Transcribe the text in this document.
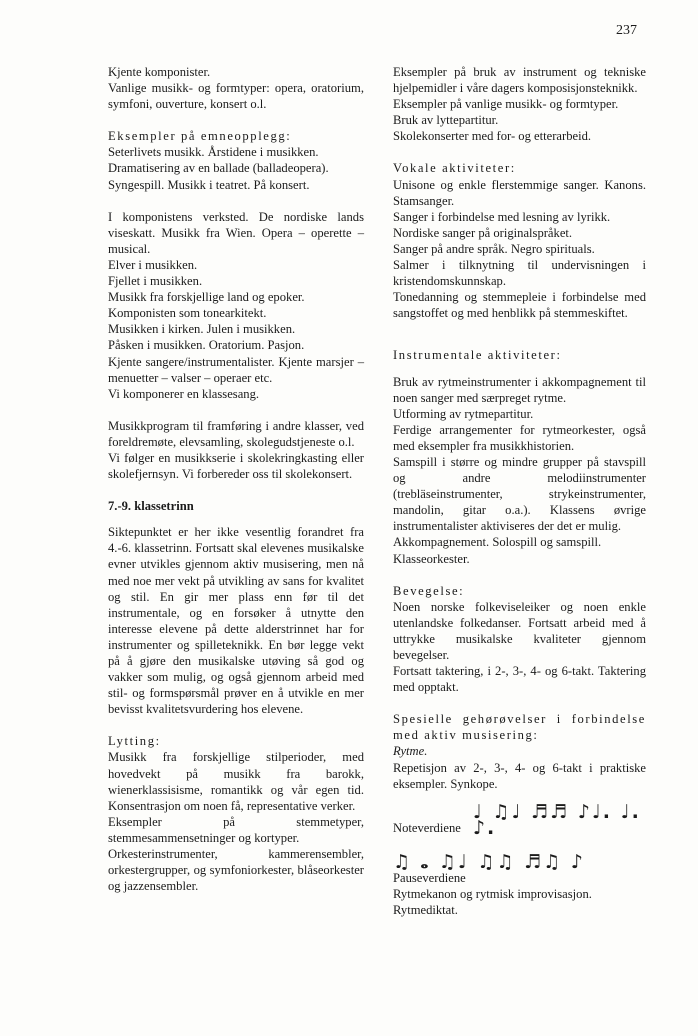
237

Kjente komponister.

Vanlige musikk- og formtyper: opera, oratorium, symfoni, ouverture, konsert o.l.

Eksempler på emneopplegg:

Seterlivets musikk. Årstidene i musikken.

Dramatisering av en ballade (balladeopera).

Syngespill. Musikk i teatret. På konsert.

I komponistens verksted. De nordiske lands viseskatt. Musikk fra Wien. Opera – operette – musical.

Elver i musikken.

Fjellet i musikken.

Musikk fra forskjellige land og epoker.

Komponisten som tonearkitekt.

Musikken i kirken. Julen i musikken.

Påsken i musikken. Oratorium. Pasjon.

Kjente sangere/instrumentalister. Kjente marsjer – menuetter – valser – operaer etc.

Vi komponerer en klassesang.

Musikkprogram til framføring i andre klasser, ved foreldremøte, elevsamling, skolegudstjeneste o.l.

Vi følger en musikkserie i skolekringkasting eller skolefjernsyn. Vi forbereder oss til skolekonsert.

7.-9. klassetrinn

Siktepunktet er her ikke vesentlig forandret fra 4.-6. klassetrinn. Fortsatt skal elevenes musikalske evner utvikles gjennom aktiv musisering, men nå med noe mer vekt på utvikling av sans for kvalitet og stil. En gir mer plass enn før til det instrumentale, og en forsøker å utnytte den interesse elevene på dette alderstrinnet har for instrumenter og spilleteknikk. En bør legge vekt på å gjøre den musikalske utøving så god og vakker som mulig, og også gjennom arbeid med stil- og formspørsmål prøver en å utvikle en mer bevisst kvalitetsvurdering hos elevene.

Lytting:

Musikk fra forskjellige stilperioder, med hovedvekt på musikk fra barokk, wienerklassisisme, romantikk og vår egen tid. Konsentrasjon om noen få, representative verker.

Eksempler på stemmetyper, stemmesammensetninger og kortyper.

Orkesterinstrumenter, kammerensembler, orkestergrupper, og symfoniorkester, blåseorkester og jazzensembler.

Eksempler på bruk av instrument og tekniske hjelpemidler i våre dagers komposisjonsteknikk.

Eksempler på vanlige musikk- og formtyper.

Bruk av lyttepartitur.

Skolekonserter med for- og etterarbeid.

Vokale aktiviteter:

Unisone og enkle flerstemmige sanger. Kanons. Stamsanger.

Sanger i forbindelse med lesning av lyrikk.

Nordiske sanger på originalspråket.

Sanger på andre språk. Negro spirituals.

Salmer i tilknytning til undervisningen i kristendomskunnskap.

Tonedanning og stemmepleie i forbindelse med sangstoffet og med henblikk på stemmeskiftet.

Instrumentale aktiviteter:

Bruk av rytmeinstrumenter i akkompagnement til noen sanger med særpreget rytme.

Utforming av rytmepartitur.

Ferdige arrangementer for rytmeorkester, også med eksempler fra musikkhistorien.

Samspill i større og mindre grupper på stavspill og andre melodiinstrumenter (trebläseinstrumenter, strykeinstrumenter, mandolin, gitar o.a.). Klassens øvrige instrumentalister aktiviseres der det er mulig.

Akkompagnement. Solospill og samspill.

Klasseorkester.

Bevegelse:

Noen norske folkeviseleiker og noen enkle utenlandske folkedanser. Fortsatt arbeid med å uttrykke musikalske kvaliteter gjennom bevegelser.

Fortsatt taktering, i 2-, 3-, 4- og 6-takt. Taktering med opptakt.

Spesielle gehørøvelser i forbindelse med aktiv musisering:

Rytme.

Repetisjon av 2-, 3-, 4- og 6-takt i praktiske eksempler. Synkope.

Noteverdiene
♩ ♫♩ ♬♬ ♪♩. ♩. ♪.
♫ 𝅝 ♫♩ ♫♫ ♬♫ ♪

Pauseverdiene

Rytmekanon og rytmisk improvisasjon.

Rytmediktat.
